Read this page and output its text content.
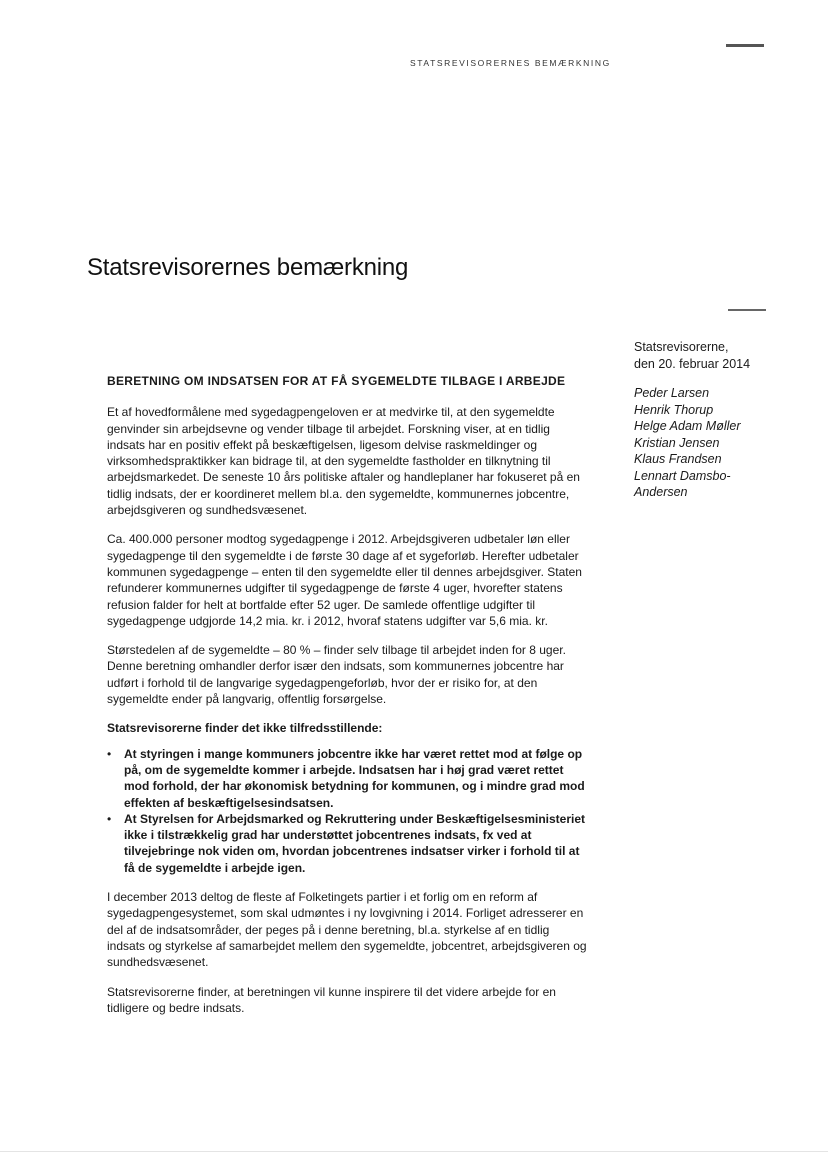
STATSREVISORERNES BEMÆRKNING
Statsrevisorernes bemærkning

Statsrevisorerne,

den 20. februar 2014

Peder Larsen
Henrik Thorup
Helge Adam Møller
Kristian Jensen
Klaus Frandsen
Lennart Damsbo-
Andersen
BERETNING OM INDSATSEN FOR AT FÅ SYGEMELDTE TILBAGE I ARBEJDE

Et af hovedformålene med sygedagpengeloven er at medvirke til, at den sygemeldte genvinder sin arbejdsevne og vender tilbage til arbejdet. Forskning viser, at en tidlig indsats har en positiv effekt på beskæftigelsen, ligesom delvise raskmeldinger og virksomhedspraktikker kan bidrage til, at den sygemeldte fastholder en tilknytning til arbejdsmarkedet. De seneste 10 års politiske aftaler og handleplaner har fokuseret på en tidlig indsats, der er koordineret mellem bl.a. den sygemeldte, kommunernes jobcentre, arbejdsgiveren og sundhedsvæsenet.

Ca. 400.000 personer modtog sygedagpenge i 2012. Arbejdsgiveren udbetaler løn eller sygedagpenge til den sygemeldte i de første 30 dage af et sygeforløb. Herefter udbetaler kommunen sygedagpenge – enten til den sygemeldte eller til dennes arbejdsgiver. Staten refunderer kommunernes udgifter til sygedagpenge de første 4 uger, hvorefter statens refusion falder for helt at bortfalde efter 52 uger. De samlede offentlige udgifter til sygedagpenge udgjorde 14,2 mia. kr. i 2012, hvoraf statens udgifter var 5,6 mia. kr.

Størstedelen af de sygemeldte – 80 % – finder selv tilbage til arbejdet inden for 8 uger. Denne beretning omhandler derfor især den indsats, som kommunernes jobcentre har udført i forhold til de langvarige sygedagpengeforløb, hvor der er risiko for, at den sygemeldte ender på langvarig, offentlig forsørgelse.

Statsrevisorerne finder det ikke tilfredsstillende:

• At styringen i mange kommuners jobcentre ikke har været rettet mod at følge op på, om de sygemeldte kommer i arbejde. Indsatsen har i høj grad været rettet mod forhold, der har økonomisk betydning for kommunen, og i mindre grad mod effekten af beskæftigelsesindsatsen.
• At Styrelsen for Arbejdsmarked og Rekruttering under Beskæftigelsesministeriet ikke i tilstrækkelig grad har understøttet jobcentrenes indsats, fx ved at tilvejebringe nok viden om, hvordan jobcentrenes indsatser virker i forhold til at få de sygemeldte i arbejde igen.

I december 2013 deltog de fleste af Folketingets partier i et forlig om en reform af sygedagpengesystemet, som skal udmøntes i ny lovgivning i 2014. Forliget adresserer en del af de indsatsområder, der peges på i denne beretning, bl.a. styrkelse af en tidlig indsats og styrkelse af samarbejdet mellem den sygemeldte, jobcentret, arbejdsgiveren og sundhedsvæsenet.

Statsrevisorerne finder, at beretningen vil kunne inspirere til det videre arbejde for en tidligere og bedre indsats.
